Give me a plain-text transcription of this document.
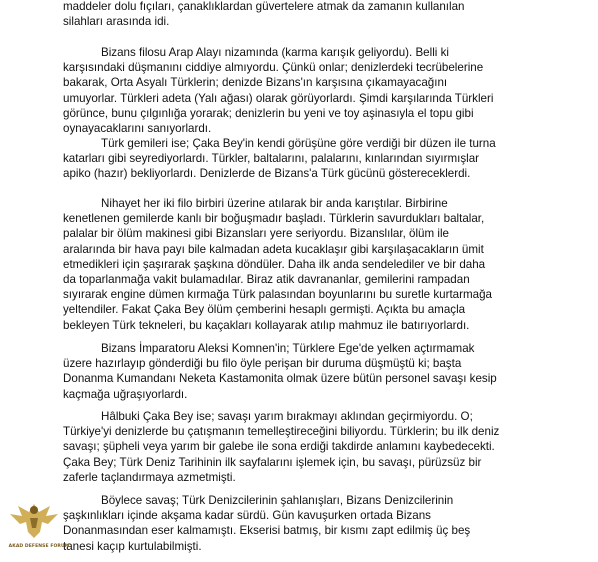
maddeler dolu fıçıları, çanaklıklardan güvertelere atmak da zamanın kullanılan
silahları arasında idi.
Bizans filosu Arap Alayı nizamında (karma karışık geliyordu). Belli ki
karşısındaki düşmanını ciddiye almıyordu. Çünkü onlar; denizlerdeki tecrübelerine
bakarak, Orta Asyalı Türklerin; denizde Bizans'ın karşısına çıkamayacağını
umuyorlar. Türkleri adeta (Yalı ağası) olarak görüyorlardı. Şimdi karşılarında Türkleri
görünce, bunu çılgınlığa yorarak; denizlerin bu yeni ve toy aşinasıyla el topu gibi
oynayacaklarını sanıyorlardı.
Türk gemileri ise; Çaka Bey'in kendi görüşüne göre verdiği bir düzen ile turna
katarları gibi seyrediyorlardı. Türkler, baltalarını, palalarını, kınlarından sıyırmışlar
apiko (hazır) bekliyorlardı. Denizlerde de Bizans'a Türk gücünü göstereceklerdi.
Nihayet her iki filo birbiri üzerine atılarak bir anda karıştılar. Birbirine
kenetlenen gemilerde kanlı bir boğuşmadır başladı. Türklerin savurdukları baltalar,
palalar bir ölüm makinesi gibi Bizansları yere seriyordu. Bizanslılar, ölüm ile
aralarında bir hava payı bile kalmadan adeta kucaklaşır gibi karşılaşacakların ümit
etmedikleri için şaşırarak şaşkına döndüler. Daha ilk anda sendelediler ve bir daha
da toparlanmağa vakit bulamadılar. Biraz atik davrananlar, gemilerini rampadan
sıyırarak engine dümen kırmağa Türk palasından boyunlarını bu suretle kurtarmağa
yeltendiler. Fakat Çaka Bey ölüm çemberini hesaplı germişti. Açıkta bu amaçla
bekleyen Türk tekneleri, bu kaçakları kollayarak atılıp mahmuz ile batırıyorlardı.
Bizans İmparatoru Aleksi Komnen'in; Türklere Ege'de yelken açtırmamak
üzere hazırlayıp gönderdiği bu filo öyle perişan bir duruma düşmüştü ki; başta
Donanma Kumandanı Neketa Kastamonita olmak üzere bütün personel savaşı kesip
kaçmağa uğraşıyorlardı.
Hâlbuki Çaka Bey ise; savaşı yarım bırakmayı aklından geçirmiyordu. O;
Türkiye'yi denizlerde bu çatışmanın temelleştireceğini biliyordu. Türklerin; bu ilk deniz
savaşı; şüpheli veya yarım bir galebe ile sona erdiği takdirde anlamını kaybedecekti.
Çaka Bey; Türk Deniz Tarihinin ilk sayfalarını işlemek için, bu savaşı, pürüzsüz bir
zaferle taçlandırmaya azmetmişti.
Böylece savaş; Türk Denizcilerinin şahlanışları, Bizans Denizcilerinin
şaşkınlıkları içinde akşama kadar sürdü. Gün kavuşurken ortada Bizans
Donanmasından eser kalmamıştı. Ekserisi batmış, bir kısmı zapt edilmiş üç beş
tanesi kaçıp kurtulabilmişti.
AKAD DEFENSE FORUM
